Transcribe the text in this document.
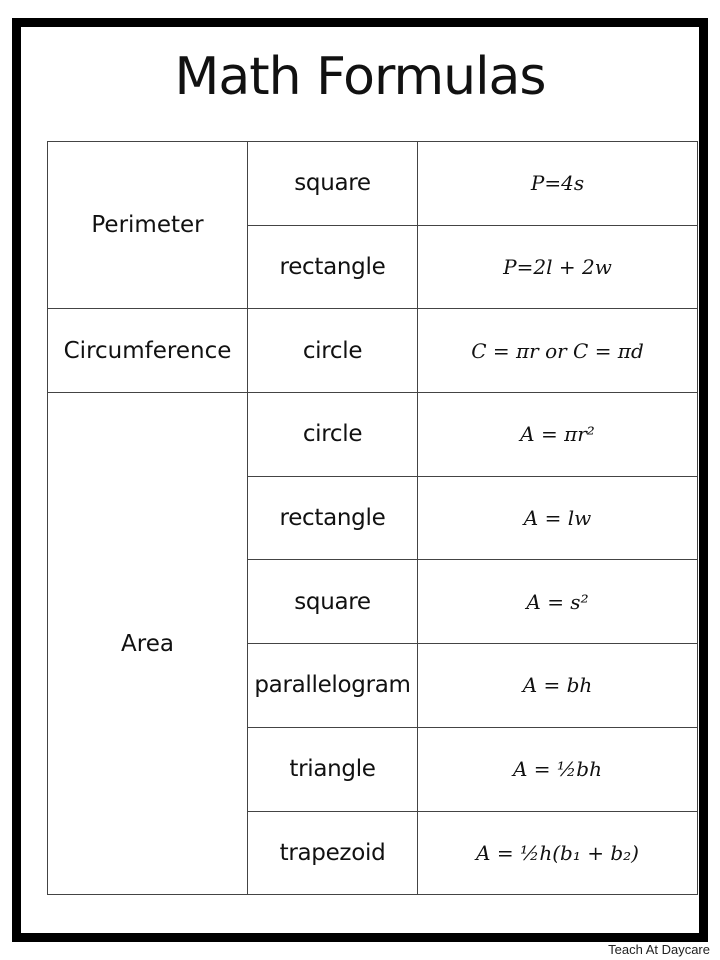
Math Formulas
Perimeter	square	P=4s
	rectangle	P=2l + 2w
Circumference	circle	C = πr or C = πd
Area	circle	A = πr²
	rectangle	A = lw
	square	A = s²
	parallelogram	A = bh
	triangle	A = ½bh
	trapezoid	A = ½h(b₁ + b₂)
Teach At Daycare
